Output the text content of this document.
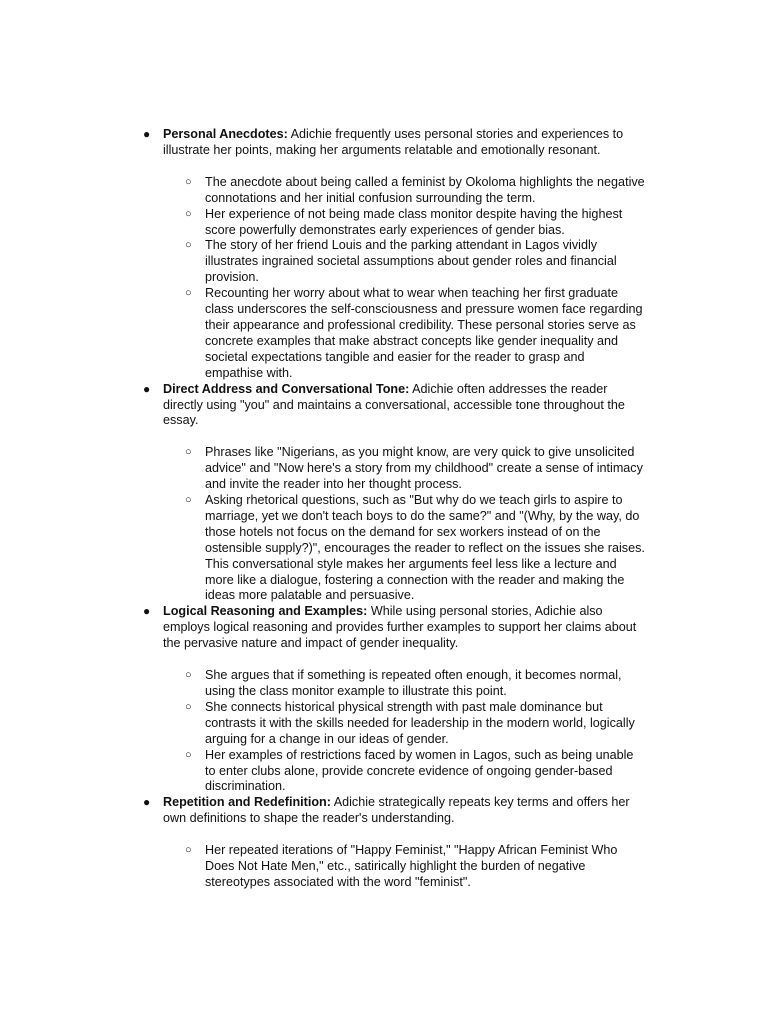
● Personal Anecdotes: Adichie frequently uses personal stories and experiences to illustrate her points, making her arguments relatable and emotionally resonant.

○ The anecdote about being called a feminist by Okoloma highlights the negative connotations and her initial confusion surrounding the term.

○ Her experience of not being made class monitor despite having the highest score powerfully demonstrates early experiences of gender bias.

○ The story of her friend Louis and the parking attendant in Lagos vividly illustrates ingrained societal assumptions about gender roles and financial provision.

○ Recounting her worry about what to wear when teaching her first graduate class underscores the self-consciousness and pressure women face regarding their appearance and professional credibility. These personal stories serve as concrete examples that make abstract concepts like gender inequality and societal expectations tangible and easier for the reader to grasp and empathise with.

● Direct Address and Conversational Tone: Adichie often addresses the reader directly using "you" and maintains a conversational, accessible tone throughout the essay.

○ Phrases like "Nigerians, as you might know, are very quick to give unsolicited advice" and "Now here's a story from my childhood" create a sense of intimacy and invite the reader into her thought process.

○ Asking rhetorical questions, such as "But why do we teach girls to aspire to marriage, yet we don't teach boys to do the same?" and "(Why, by the way, do those hotels not focus on the demand for sex workers instead of on the ostensible supply?)", encourages the reader to reflect on the issues she raises. This conversational style makes her arguments feel less like a lecture and more like a dialogue, fostering a connection with the reader and making the ideas more palatable and persuasive.

● Logical Reasoning and Examples: While using personal stories, Adichie also employs logical reasoning and provides further examples to support her claims about the pervasive nature and impact of gender inequality.

○ She argues that if something is repeated often enough, it becomes normal, using the class monitor example to illustrate this point.

○ She connects historical physical strength with past male dominance but contrasts it with the skills needed for leadership in the modern world, logically arguing for a change in our ideas of gender.

○ Her examples of restrictions faced by women in Lagos, such as being unable to enter clubs alone, provide concrete evidence of ongoing gender-based discrimination.

● Repetition and Redefinition: Adichie strategically repeats key terms and offers her own definitions to shape the reader's understanding.

○ Her repeated iterations of "Happy Feminist," "Happy African Feminist Who Does Not Hate Men," etc., satirically highlight the burden of negative stereotypes associated with the word "feminist".
